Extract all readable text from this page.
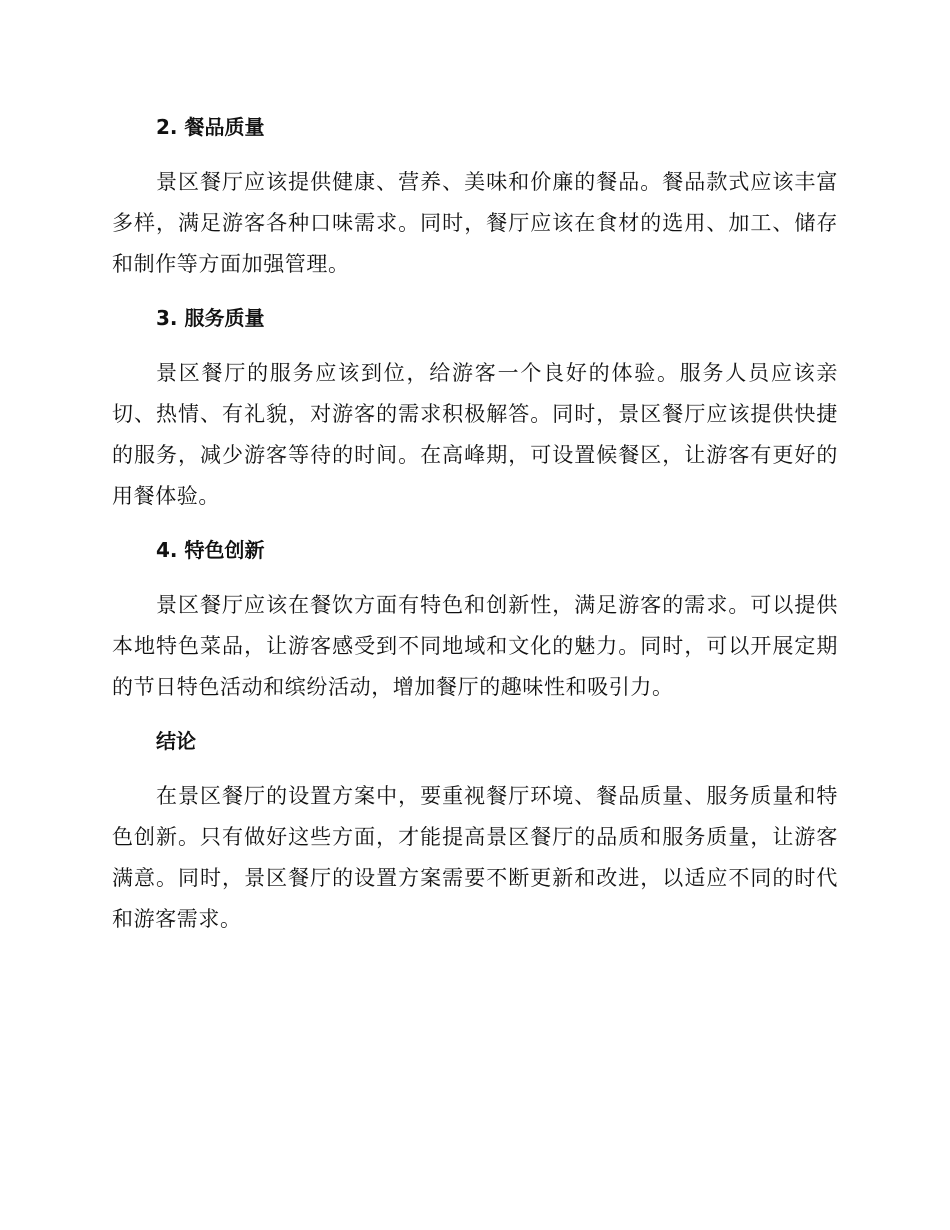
2. 餐品质量

景区餐厅应该提供健康、营养、美味和价廉的餐品。餐品款式应该丰富多样，满足游客各种口味需求。同时，餐厅应该在食材的选用、加工、储存和制作等方面加强管理。

3. 服务质量

景区餐厅的服务应该到位，给游客一个良好的体验。服务人员应该亲切、热情、有礼貌，对游客的需求积极解答。同时，景区餐厅应该提供快捷的服务，减少游客等待的时间。在高峰期，可设置候餐区，让游客有更好的用餐体验。

4. 特色创新

景区餐厅应该在餐饮方面有特色和创新性，满足游客的需求。可以提供本地特色菜品，让游客感受到不同地域和文化的魅力。同时，可以开展定期的节日特色活动和缤纷活动，增加餐厅的趣味性和吸引力。

结论

在景区餐厅的设置方案中，要重视餐厅环境、餐品质量、服务质量和特色创新。只有做好这些方面，才能提高景区餐厅的品质和服务质量，让游客满意。同时，景区餐厅的设置方案需要不断更新和改进，以适应不同的时代和游客需求。
